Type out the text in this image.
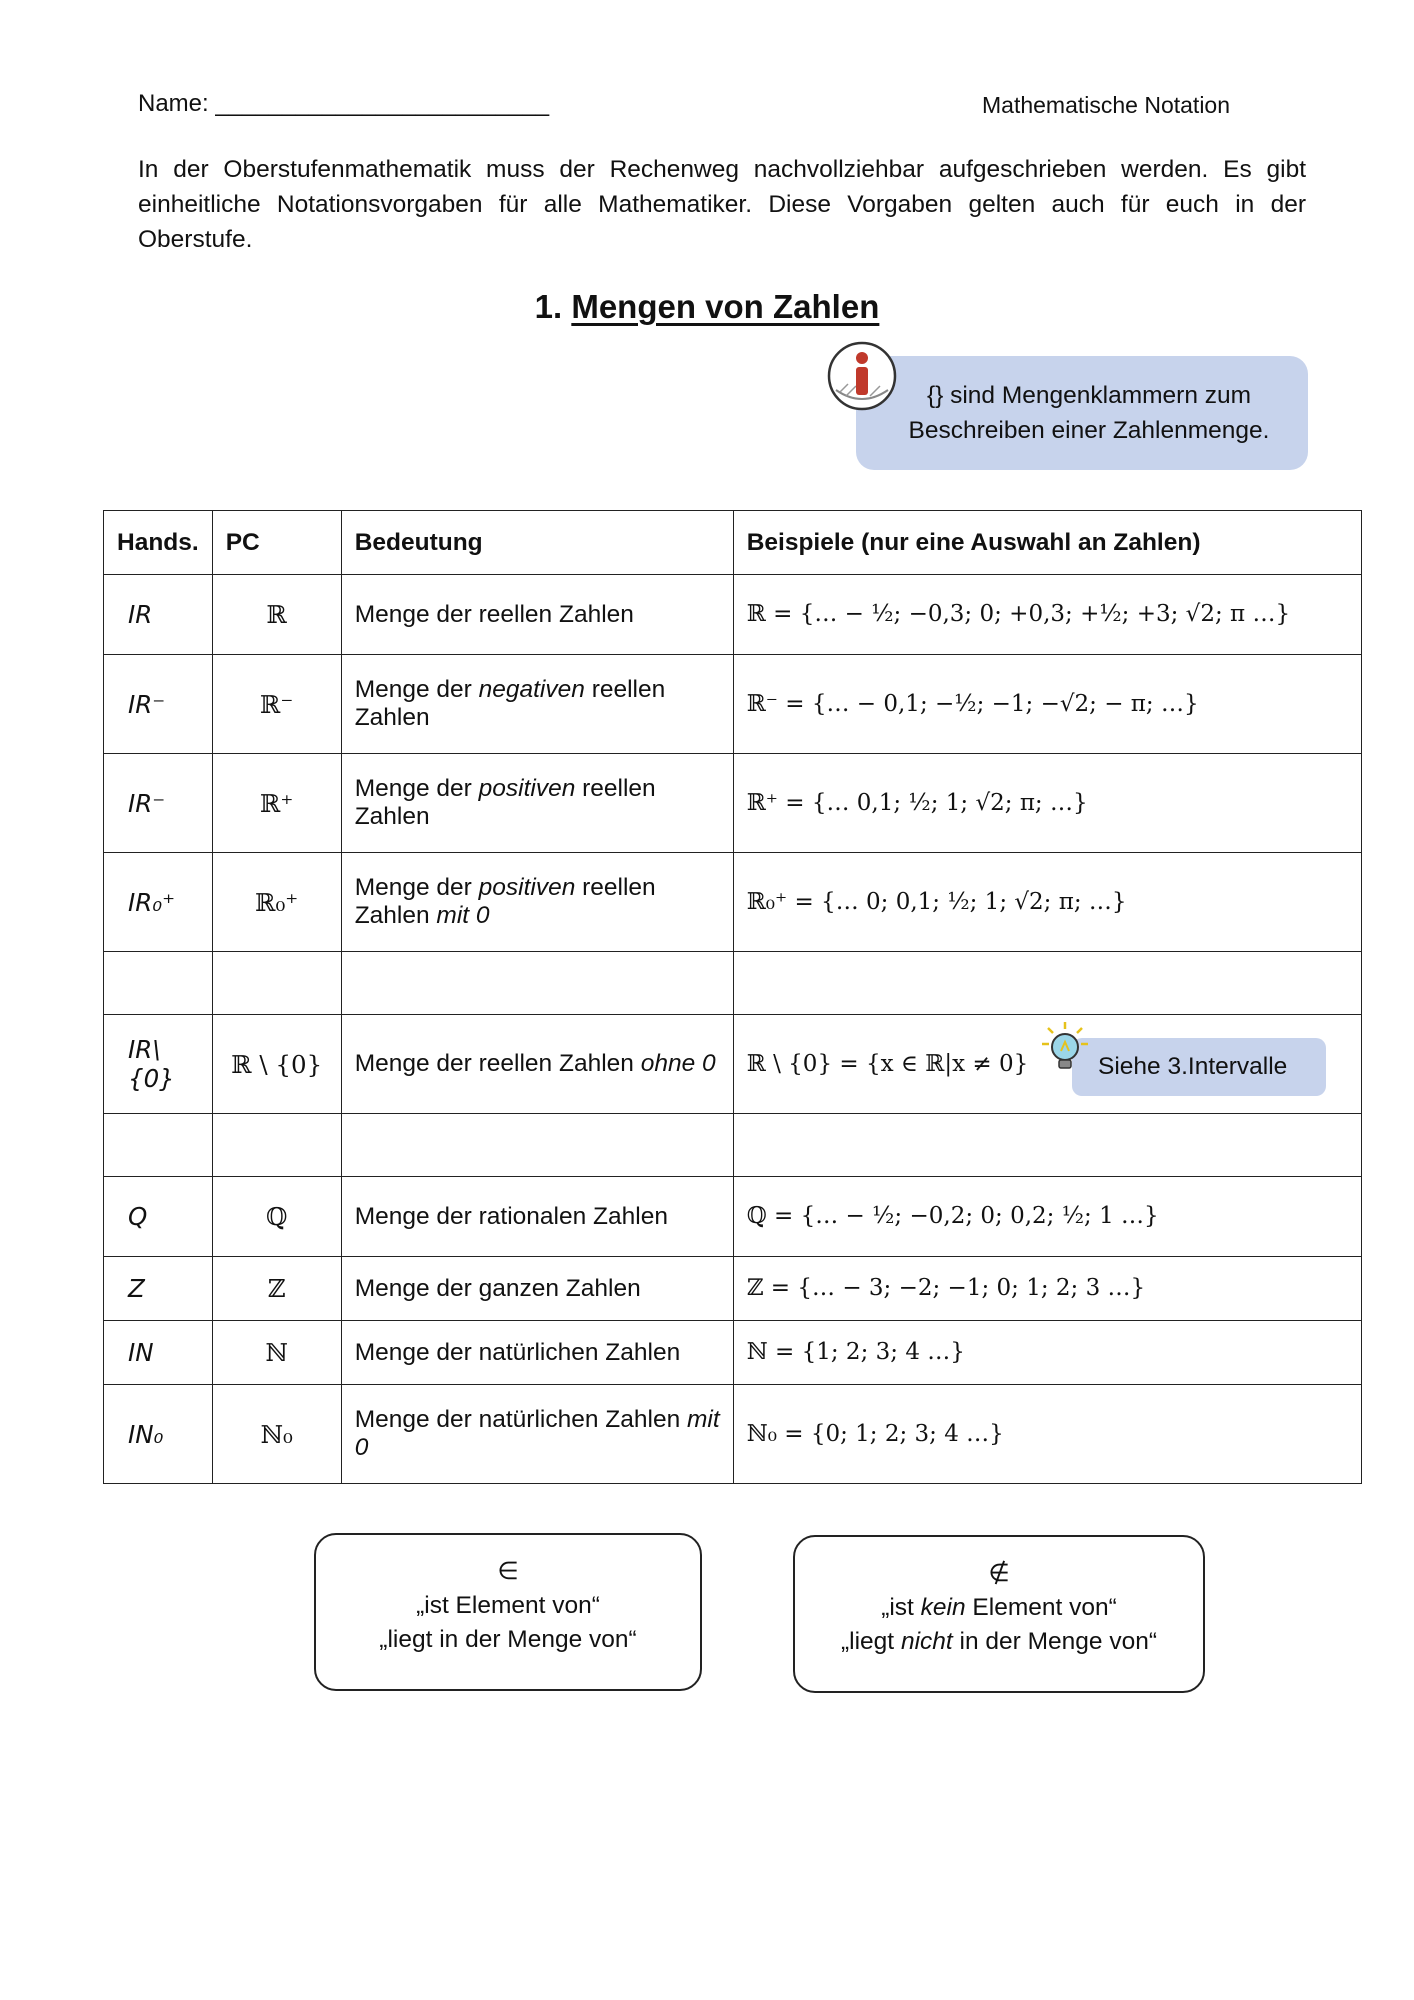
Name: _________________________	Mathematische Notation
In der Oberstufenmathematik muss der Rechenweg nachvollziehbar aufgeschrieben werden. Es gibt einheitliche Notationsvorgaben für alle Mathematiker. Diese Vorgaben gelten auch für euch in der Oberstufe.
1. Mengen von Zahlen
{} sind Mengenklammern zum
Beschreiben einer Zahlenmenge.
Hands.	PC	Bedeutung	Beispiele (nur eine Auswahl an Zahlen)
IR	ℝ	Menge der reellen Zahlen	ℝ = {… − ½; −0,3; 0; +0,3; +½; +3; √2; π …}
IR⁻	ℝ⁻	Menge der negativen reellen Zahlen	ℝ⁻ = {… − 0,1; −½; −1; −√2; − π; …}
IR⁻	ℝ⁺	Menge der positiven reellen Zahlen	ℝ⁺ = {… 0,1; ½; 1; √2; π; …}
IR₀⁺	ℝ₀⁺	Menge der positiven reellen Zahlen mit 0	ℝ₀⁺ = {… 0; 0,1; ½; 1; √2; π; …}

IR\{0}	ℝ \ {0}	Menge der reellen Zahlen ohne 0	ℝ \ {0} = {x ∈ ℝ|x ≠ 0}

Q	ℚ	Menge der rationalen Zahlen	ℚ = {… − ½; −0,2; 0; 0,2; ½; 1 …}
Z	ℤ	Menge der ganzen Zahlen	ℤ = {… − 3; −2; −1; 0; 1; 2; 3 …}
IN	ℕ	Menge der natürlichen Zahlen	ℕ = {1; 2; 3; 4 …}
IN₀	ℕ₀	Menge der natürlichen Zahlen mit 0	ℕ₀ = {0; 1; 2; 3; 4 …}
Siehe 3.Intervalle
∈
„ist Element von“
„liegt in der Menge von“
∉
„ist kein Element von“
„liegt nicht in der Menge von“
